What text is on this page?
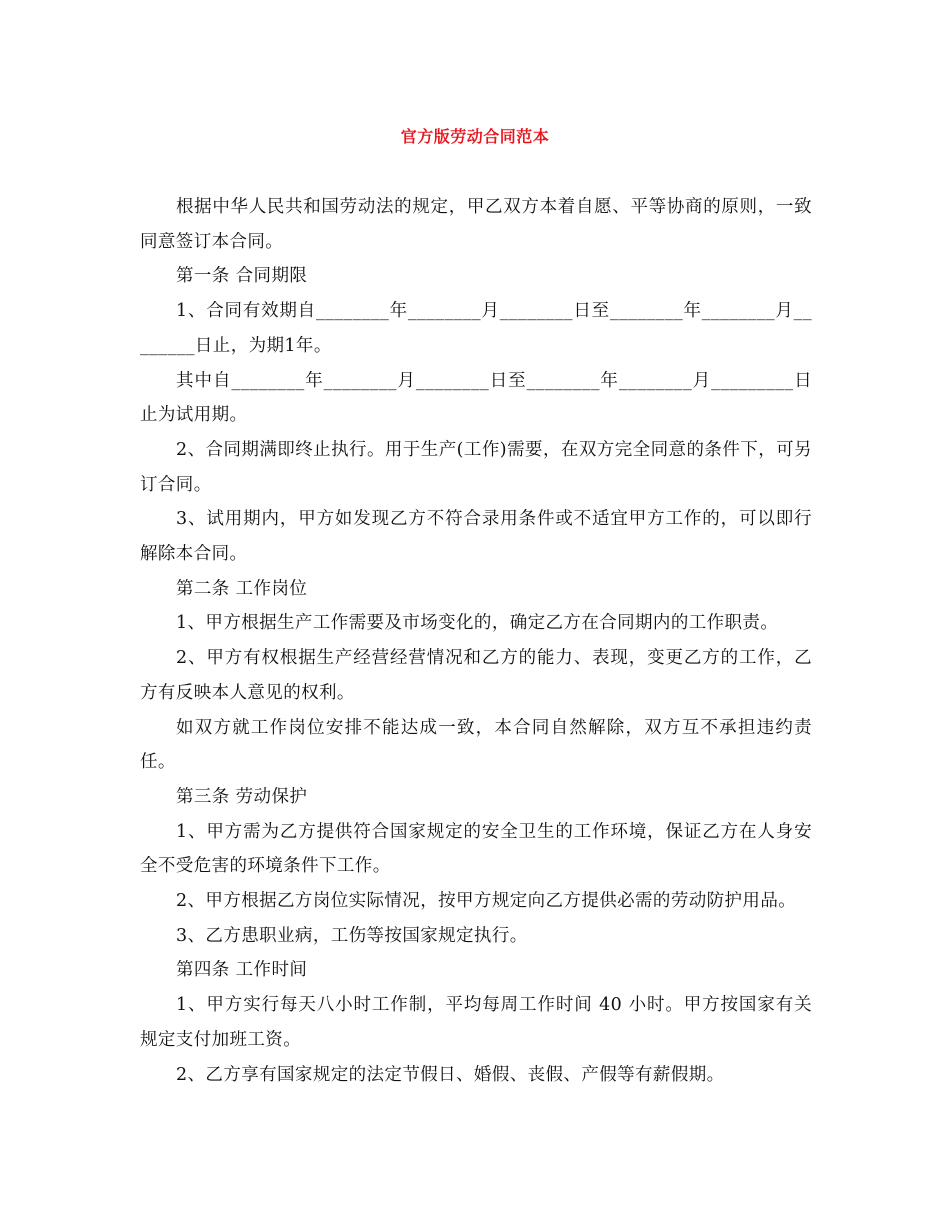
官方版劳动合同范本

根据中华人民共和国劳动法的规定，甲乙双方本着自愿、平等协商的原则，一致同意签订本合同。

第一条 合同期限

1、合同有效期自________年________月________日至________年________月________日止，为期1年。

其中自________年________月________日至________年________月_________日止为试用期。

2、合同期满即终止执行。用于生产(工作)需要，在双方完全同意的条件下，可另订合同。

3、试用期内，甲方如发现乙方不符合录用条件或不适宜甲方工作的，可以即行解除本合同。

第二条 工作岗位

1、甲方根据生产工作需要及市场变化的，确定乙方在合同期内的工作职责。

2、甲方有权根据生产经营经营情况和乙方的能力、表现，变更乙方的工作，乙方有反映本人意见的权利。

如双方就工作岗位安排不能达成一致，本合同自然解除，双方互不承担违约责任。

第三条 劳动保护

1、甲方需为乙方提供符合国家规定的安全卫生的工作环境，保证乙方在人身安全不受危害的环境条件下工作。

2、甲方根据乙方岗位实际情况，按甲方规定向乙方提供必需的劳动防护用品。

3、乙方患职业病，工伤等按国家规定执行。

第四条 工作时间

1、甲方实行每天八小时工作制，平均每周工作时间 40 小时。甲方按国家有关规定支付加班工资。

2、乙方享有国家规定的法定节假日、婚假、丧假、产假等有薪假期。
